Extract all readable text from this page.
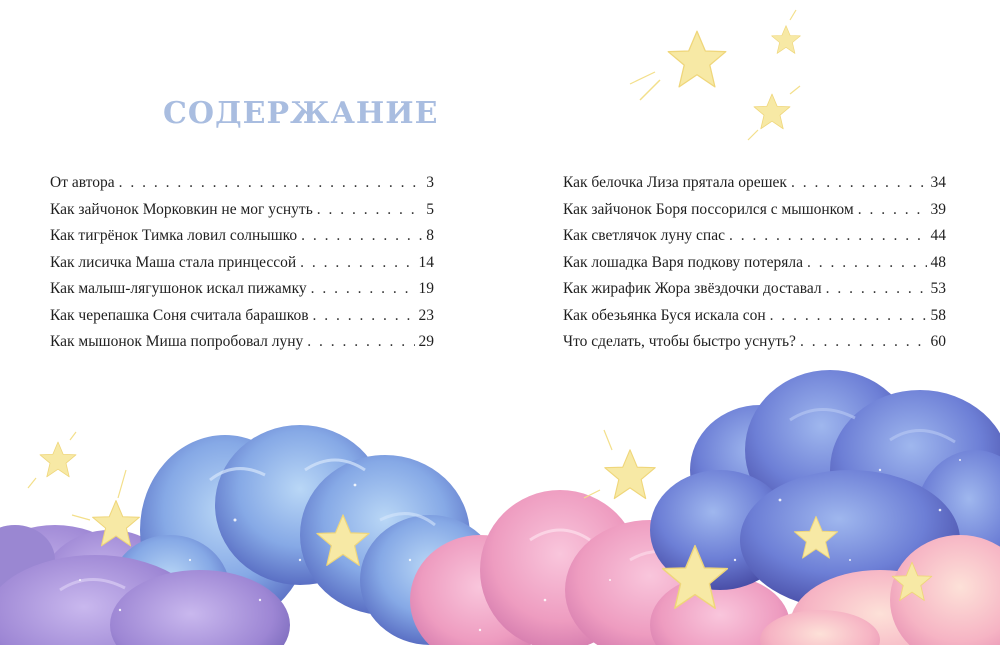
СОДЕРЖАНИЕ
От автора . . .	3
Как зайчонок Морковкин не мог уснуть . . .	5
Как тигрёнок Тимка ловил солнышко . . .	8
Как лисичка Маша стала принцессой . . .	14
Как малыш-лягушонок искал пижамку . . .	19
Как черепашка Соня считала барашков . . .	23
Как мышонок Миша попробовал луну . . .	29
Как белочка Лиза прятала орешек . . .	34
Как зайчонок Боря поссорился с мышонком . . .	39
Как светлячок луну спас . . .	44
Как лошадка Варя подкову потеряла . . .	48
Как жирафик Жора звёздочки доставал . . .	53
Как обезьянка Буся искала сон . . .	58
Что сделать, чтобы быстро уснуть? . . .	60
